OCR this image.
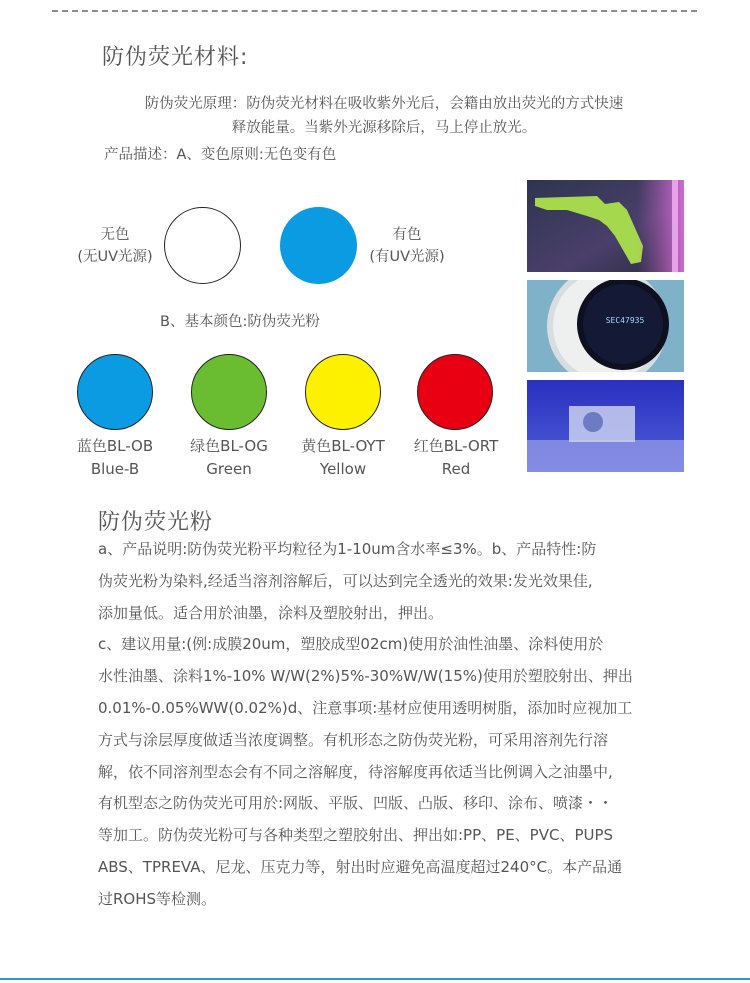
防伪荧光材料:
防伪荧光原理：防伪荧光材料在吸收紫外光后，会籍由放出荧光的方式快速
释放能量。当紫外光源移除后，马上停止放光。
产品描述：A、变色原则:无色变有色
无色
(无UV光源)
有色
(有UV光源)
B、基本颜色:防伪荧光粉
蓝色BL-OB
Blue-B
绿色BL-OG
Green
黄色BL-OYT
Yellow
红色BL-ORT
Red
SEC47935
防伪荧光粉

a、产品说明:防伪荧光粉平均粒径为1-10um含水率≤3%。b、产品特性:防

伪荧光粉为染料,经适当溶剂溶解后，可以达到完全透光的效果:发光效果佳,

添加量低。适合用於油墨，涂料及塑胶射出，押出。

c、建议用量:(例:成膜20um，塑胶成型02cm)使用於油性油墨、涂料使用於

水性油墨、涂料1%-10% W/W(2%)5%-30%W/W(15%)使用於塑胶射出、押出

0.01%-0.05%WW(0.02%)d、注意事项:基材应使用透明树脂，添加时应视加工

方式与涂层厚度做适当浓度调整。有机形态之防伪荧光粉，可采用溶剂先行溶

解，依不同溶剂型态会有不同之溶解度，待溶解度再依适当比例调入之油墨中,

有机型态之防伪荧光可用於:网版、平版、凹版、凸版、移印、涂布、喷漆・・

等加工。防伪荧光粉可与各种类型之塑胶射出、押出如:PP、PE、PVC、PUPS

ABS、TPREVA、尼龙、压克力等，射出时应避免高温度超过240°C。本产品通

过ROHS等检测。
